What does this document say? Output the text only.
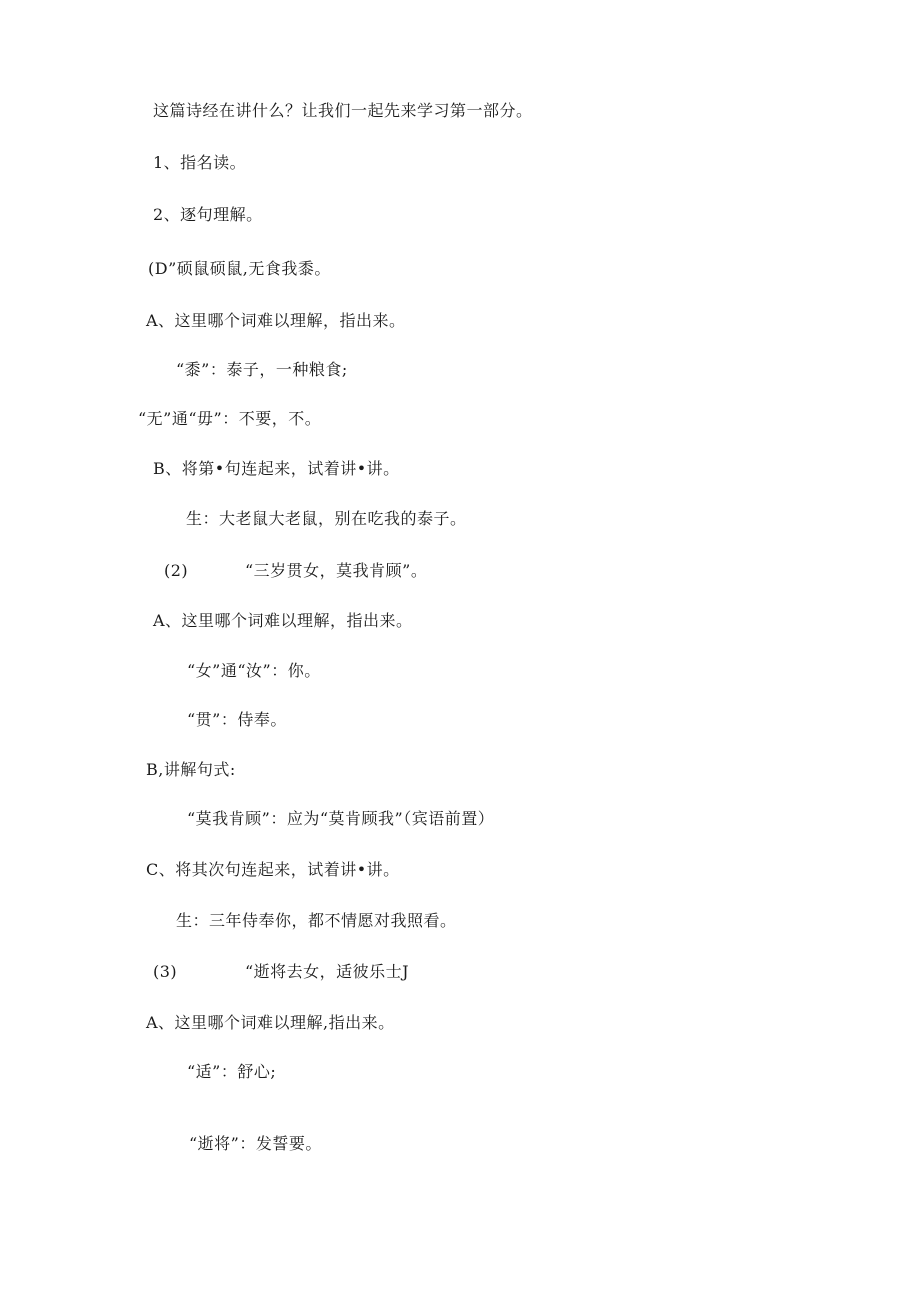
这篇诗经在讲什么？让我们一起先来学习第一部分。
1、指名读。
2、逐句理解。
(D”硕鼠硕鼠,无食我黍。
A、这里哪个词难以理解，指出来。
“黍”：泰子，一种粮食;
“无”通“毋”：不要，不。
B、将第•句连起来，试着讲•讲。
生：大老鼠大老鼠，别在吃我的泰子。
(2)	“三岁贯女，莫我肯顾”。
A、这里哪个词难以理解，指出来。
“女”通“汝”：你。
“贯”：侍奉。
B,讲解句式:
“莫我肯顾”：应为“莫肯顾我”（宾语前置）
C、将其次句连起来，试着讲•讲。
生：三年侍奉你，都不情愿对我照看。
(3)	“逝将去女，适彼乐士J
A、这里哪个词难以理解,指出来。
“适”：舒心;
“逝将”：发誓要。
